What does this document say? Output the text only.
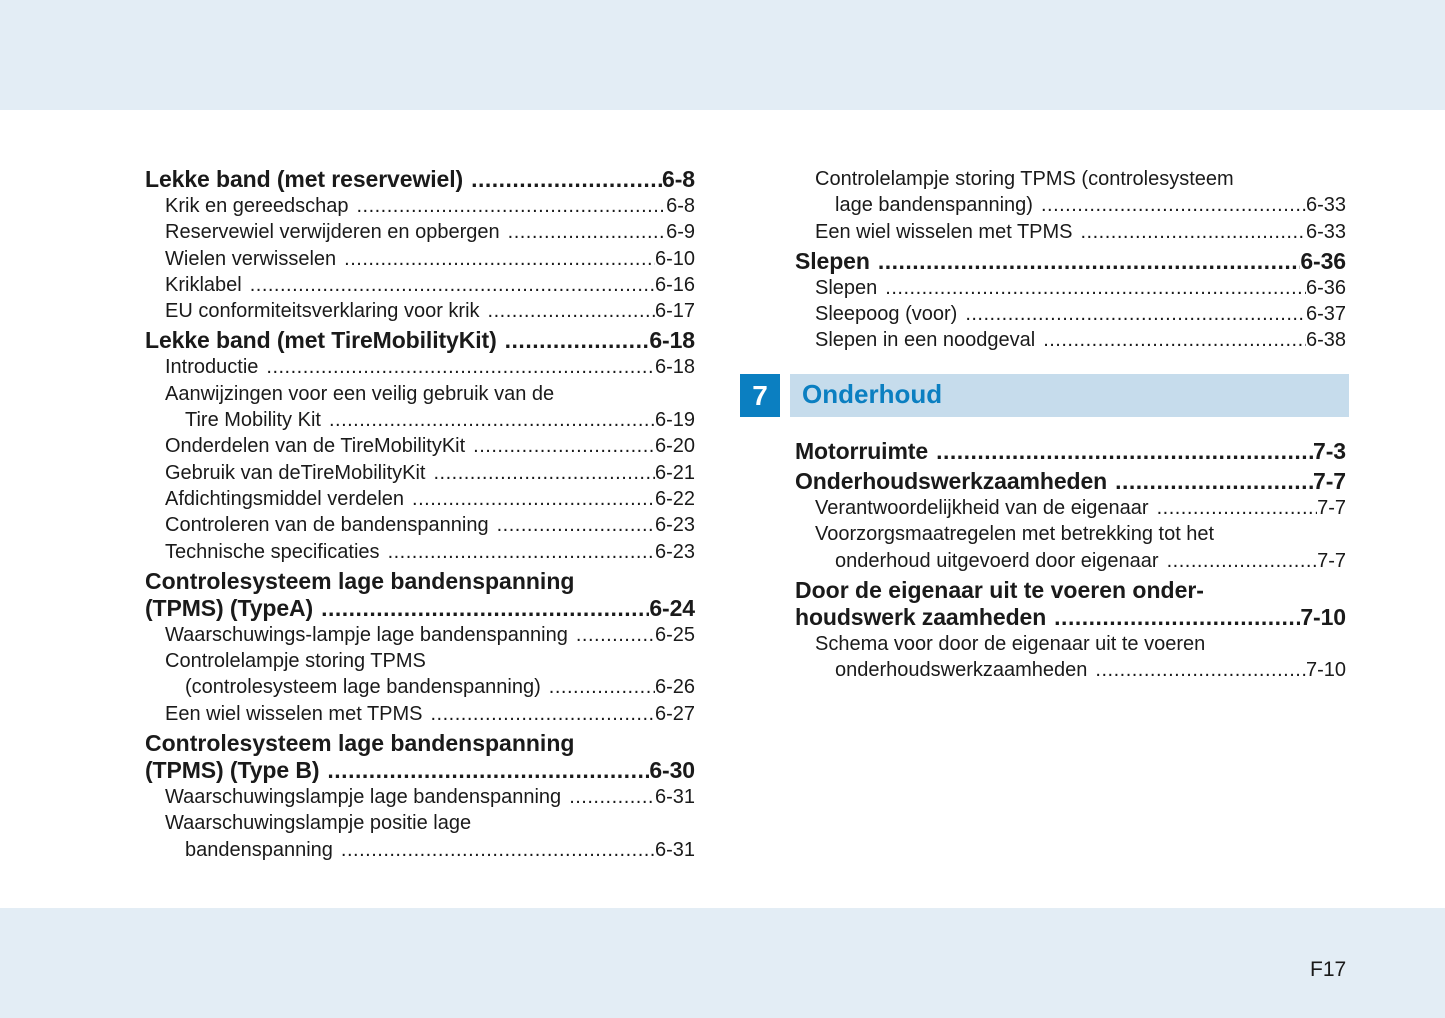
Lekke band (met reservewiel) .....	6-8
Krik en gereedschap .....	6-8
Reservewiel verwijderen en opbergen .....	6-9
Wielen verwisselen .....	6-10
Kriklabel .....	6-16
EU conformiteitsverklaring voor krik .....	6-17
Lekke band (met TireMobilityKit) .....	6-18
Introductie .....	6-18
Aanwijzingen voor een veilig gebruik van de
Tire Mobility Kit .....	6-19
Onderdelen van de TireMobilityKit .....	6-20
Gebruik van deTireMobilityKit .....	6-21
Afdichtingsmiddel verdelen .....	6-22
Controleren van de bandenspanning .....	6-23
Technische specificaties .....	6-23
Controlesysteem lage bandenspanning
(TPMS) (TypeA) .....	6-24
Waarschuwings-lampje lage bandenspanning .....	6-25
Controlelampje storing TPMS
(controlesysteem lage bandenspanning) .....	6-26
Een wiel wisselen met TPMS .....	6-27
Controlesysteem lage bandenspanning
(TPMS) (Type B) .....	6-30
Waarschuwingslampje lage bandenspanning .....	6-31
Waarschuwingslampje positie lage
bandenspanning .....	6-31
Controlelampje storing TPMS (controlesysteem
lage bandenspanning) .....	6-33
Een wiel wisselen met TPMS .....	6-33
Slepen .....	6-36
Slepen .....	6-36
Sleepoog (voor) .....	6-37
Slepen in een noodgeval .....	6-38
7	Onderhoud
Motorruimte .....	7-3
Onderhoudswerkzaamheden .....	7-7
Verantwoordelijkheid van de eigenaar .....	7-7
Voorzorgsmaatregelen met betrekking tot het
onderhoud uitgevoerd door eigenaar .....	7-7
Door de eigenaar uit te voeren onder-
houdswerk zaamheden .....	7-10
Schema voor door de eigenaar uit te voeren
onderhoudswerkzaamheden .....	7-10
F17
